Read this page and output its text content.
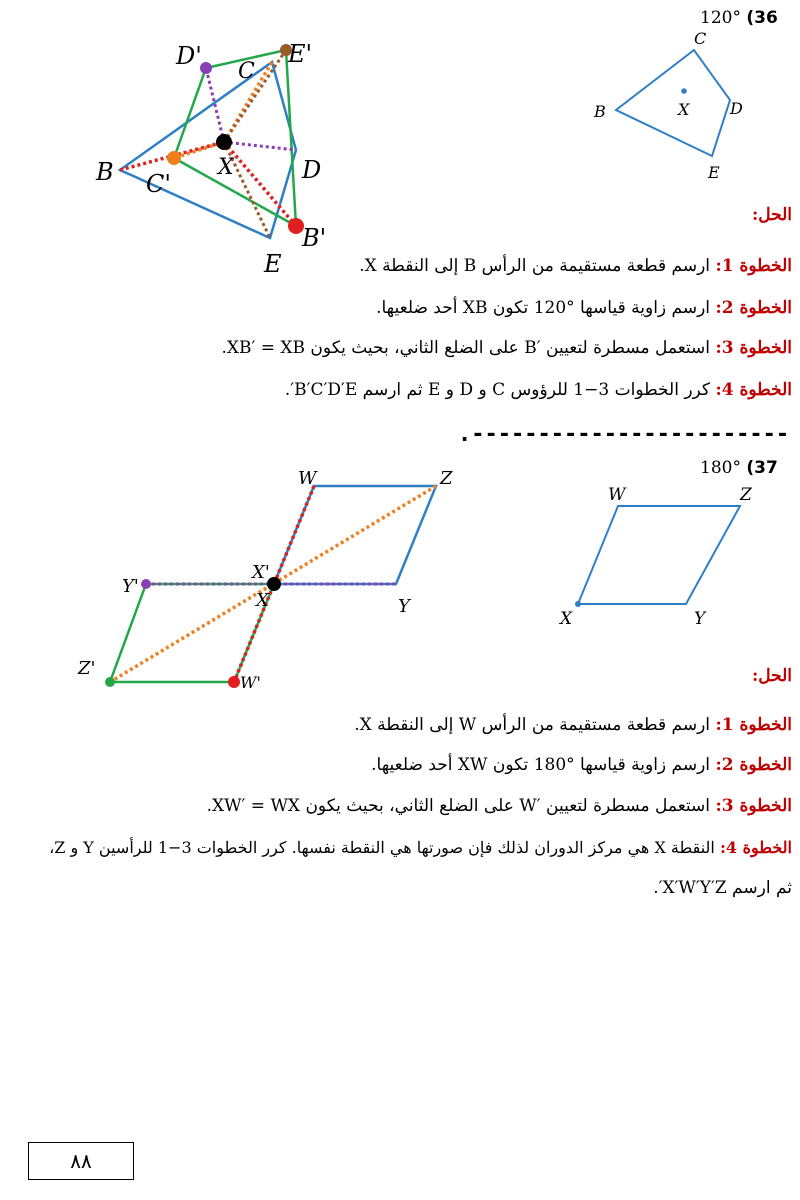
120° (36
C
B	X	D
E
D'	E'
C
X
B C'	D
B'
E
الحل:
الخطوة 1: ارسم قطعة مستقيمة من الرأس B إلى النقطة X.
الخطوة 2: ارسم زاوية قياسها °120 تكون XB أحد ضلعيها.
الخطوة 3: استعمل مسطرة لتعيين ′B على الضلع الثاني، بحيث يكون XB′ = XB.
الخطوة 4: كرر الخطوات 3−1 للرؤوس C و D و E ثم ارسم B′C′D′E′.
.------------------------
180° (37
W	Z
X	Y
W	Z
Y'
X'
X	Y
Z'
W'	الحل:
الخطوة 1: ارسم قطعة مستقيمة من الرأس W إلى النقطة X.
الخطوة 2: ارسم زاوية قياسها °180 تكون XW أحد ضلعيها.
الخطوة 3: استعمل مسطرة لتعيين ′W على الضلع الثاني، بحيث يكون XW′ = WX.
الخطوة 4: النقطة X هي مركز الدوران لذلك فإن صورتها هي النقطة نفسها. كرر الخطوات 3−1 للرأسين Y و Z،
ثم ارسم X′W′Y′Z′.
٨٨
